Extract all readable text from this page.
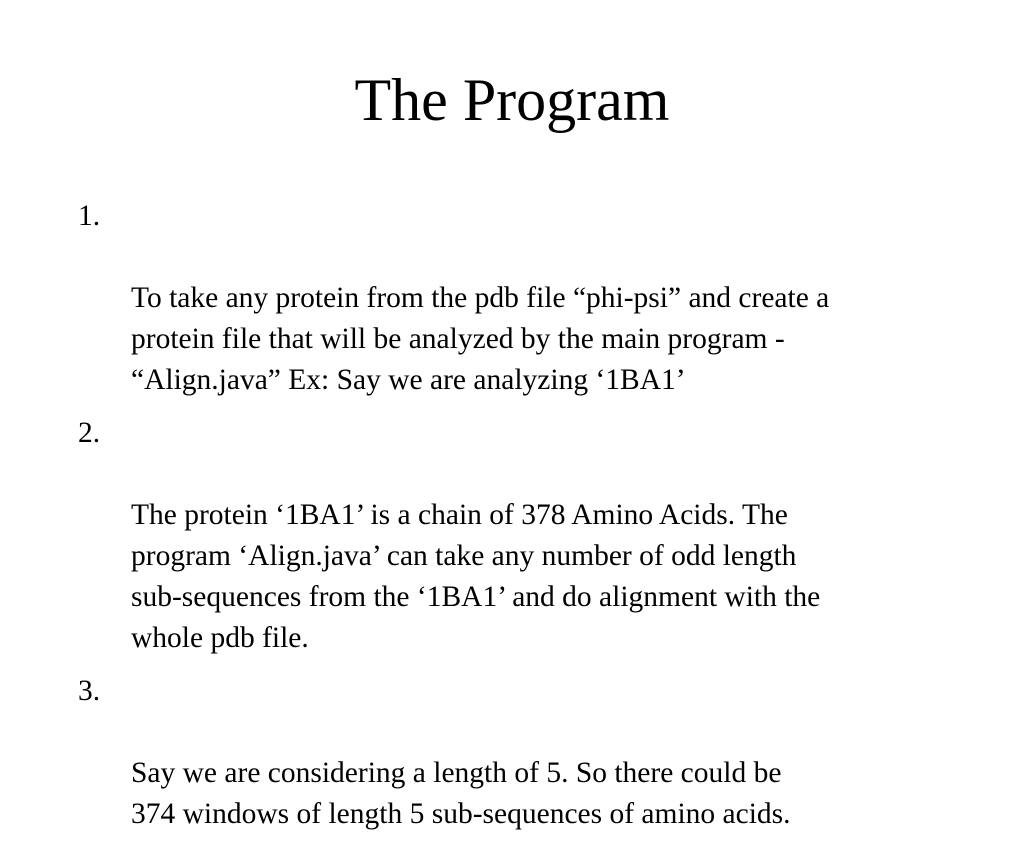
The Program

1.

To take any protein from the pdb file “phi-psi” and create a
protein file that will be analyzed by the main program -
“Align.java” Ex: Say we are analyzing ‘1BA1’

2.

The protein ‘1BA1’ is a chain of 378 Amino Acids. The
program ‘Align.java’ can take any number of odd length
sub-sequences from the ‘1BA1’ and do alignment with the
whole pdb file.

3.

Say we are considering a length of 5. So there could be
374 windows of length 5 sub-sequences of amino acids.
